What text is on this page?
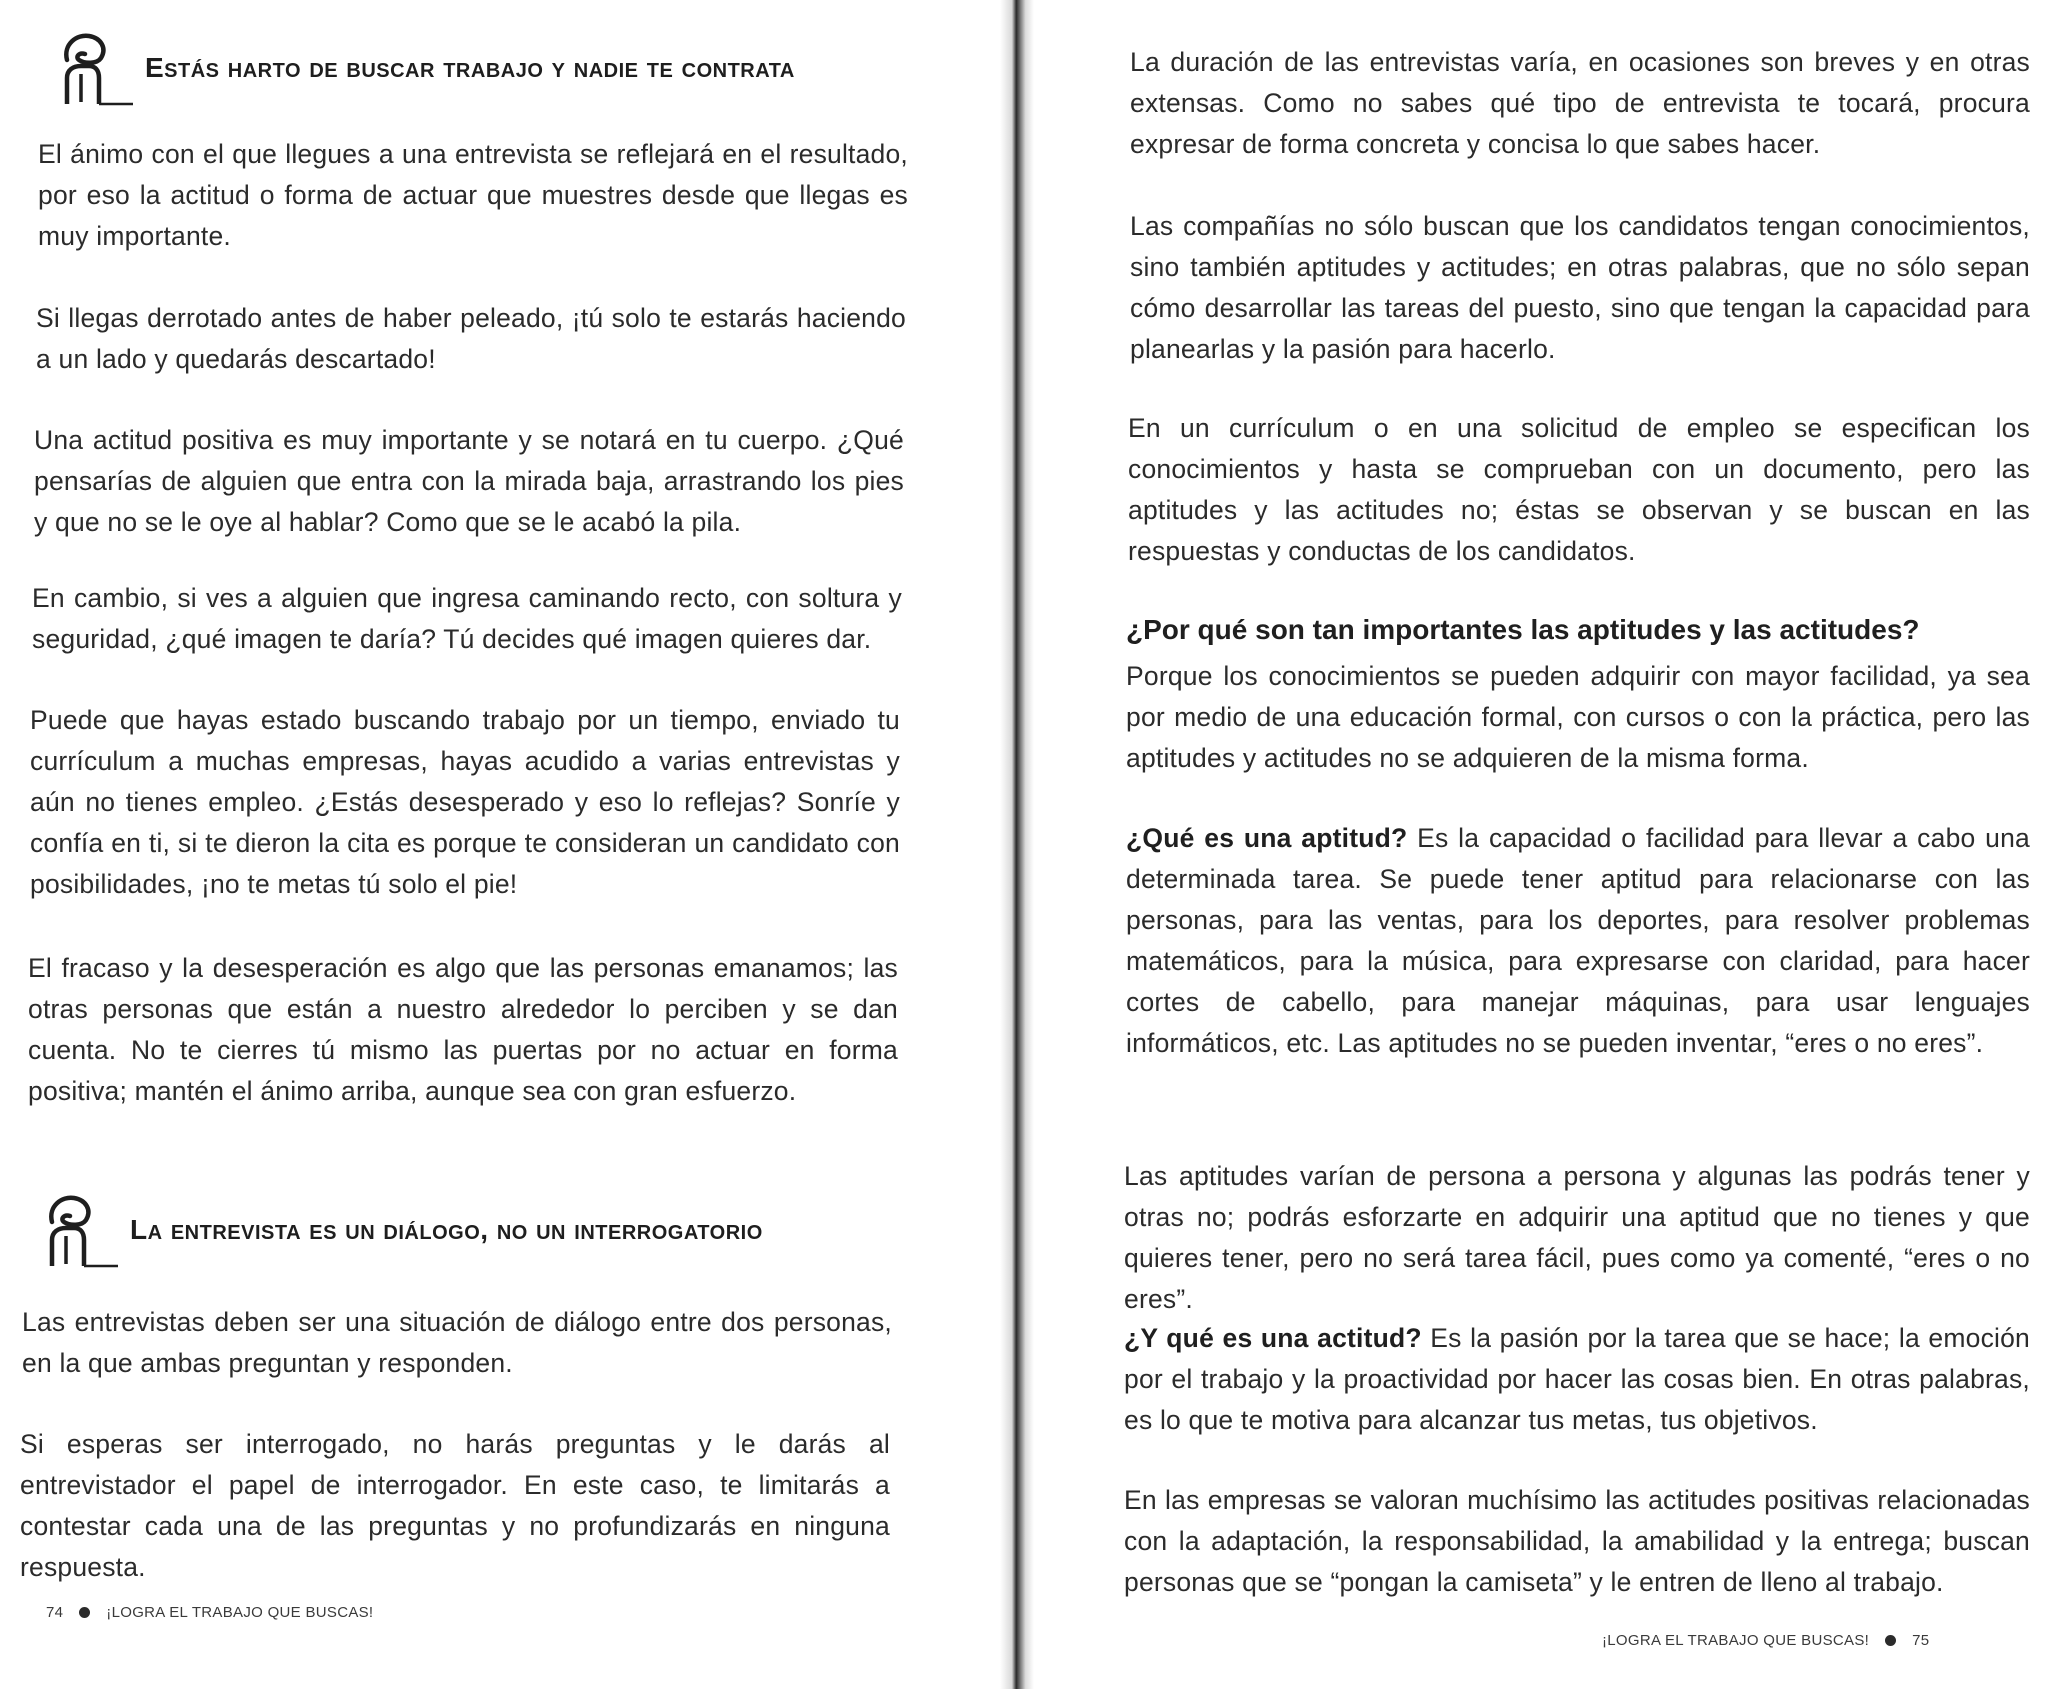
Estás harto de buscar trabajo y nadie te contrata

El ánimo con el que llegues a una entrevista se reflejará en el resultado, por eso la actitud o forma de actuar que muestres desde que llegas es muy importante.

Si llegas derrotado antes de haber peleado, ¡tú solo te estarás haciendo a un lado y quedarás descartado!

Una actitud positiva es muy importante y se notará en tu cuerpo. ¿Qué pensarías de alguien que entra con la mirada baja, arrastrando los pies y que no se le oye al hablar? Como que se le acabó la pila.

En cambio, si ves a alguien que ingresa caminando recto, con soltura y seguridad, ¿qué imagen te daría? Tú decides qué imagen quieres dar.

Puede que hayas estado buscando trabajo por un tiempo, enviado tu currículum a muchas empresas, hayas acudido a varias entrevistas y aún no tienes empleo. ¿Estás desesperado y eso lo reflejas? Sonríe y confía en ti, si te dieron la cita es porque te consideran un candidato con posibilidades, ¡no te metas tú solo el pie!

El fracaso y la desesperación es algo que las personas emanamos; las otras personas que están a nuestro alrededor lo perciben y se dan cuenta. No te cierres tú mismo las puertas por no actuar en forma positiva; mantén el ánimo arriba, aunque sea con gran esfuerzo.

La entrevista es un diálogo, no un interrogatorio

Las entrevistas deben ser una situación de diálogo entre dos personas, en la que ambas preguntan y responden.

Si esperas ser interrogado, no harás preguntas y le darás al entrevistador el papel de interrogador. En este caso, te limitarás a contestar cada una de las preguntas y no profundizarás en ninguna respuesta.

74	¡LOGRA EL TRABAJO QUE BUSCAS!

La duración de las entrevistas varía, en ocasiones son breves y en otras extensas. Como no sabes qué tipo de entrevista te tocará, procura expresar de forma concreta y concisa lo que sabes hacer.

Las compañías no sólo buscan que los candidatos tengan conocimientos, sino también aptitudes y actitudes; en otras palabras, que no sólo sepan cómo desarrollar las tareas del puesto, sino que tengan la capacidad para planearlas y la pasión para hacerlo.

En un currículum o en una solicitud de empleo se especifican los conocimientos y hasta se comprueban con un documento, pero las aptitudes y las actitudes no; éstas se observan y se buscan en las respuestas y conductas de los candidatos.

¿Por qué son tan importantes las aptitudes y las actitudes?

Porque los conocimientos se pueden adquirir con mayor facilidad, ya sea por medio de una educación formal, con cursos o con la práctica, pero las aptitudes y actitudes no se adquieren de la misma forma.

¿Qué es una aptitud? Es la capacidad o facilidad para llevar a cabo una determinada tarea. Se puede tener aptitud para relacionarse con las personas, para las ventas, para los deportes, para resolver problemas matemáticos, para la música, para expresarse con claridad, para hacer cortes de cabello, para manejar máquinas, para usar lenguajes informáticos, etc. Las aptitudes no se pueden inventar, “eres o no eres”.

Las aptitudes varían de persona a persona y algunas las podrás tener y otras no; podrás esforzarte en adquirir una aptitud que no tienes y que quieres tener, pero no será tarea fácil, pues como ya comenté, “eres o no eres”.

¿Y qué es una actitud? Es la pasión por la tarea que se hace; la emoción por el trabajo y la proactividad por hacer las cosas bien. En otras palabras, es lo que te motiva para alcanzar tus metas, tus objetivos.

En las empresas se valoran muchísimo las actitudes positivas relacionadas con la adaptación, la responsabilidad, la amabilidad y la entrega; buscan personas que se “pongan la camiseta” y le entren de lleno al trabajo.

¡LOGRA EL TRABAJO QUE BUSCAS!	75
